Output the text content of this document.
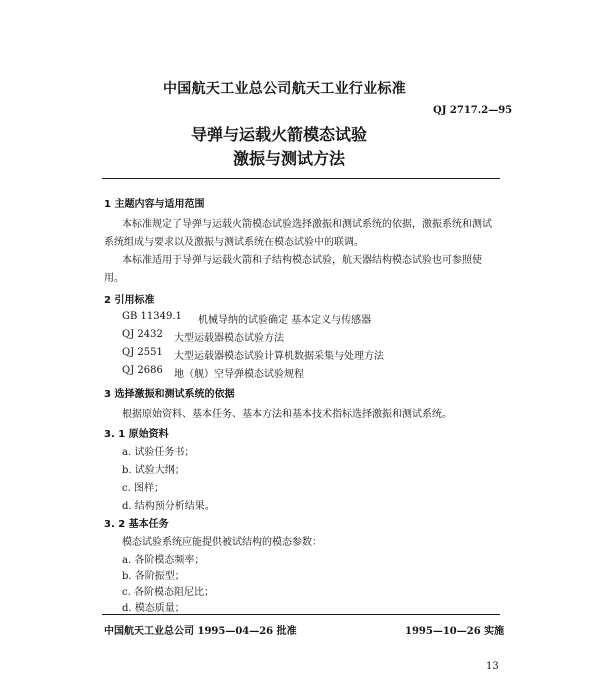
中国航天工业总公司航天工业行业标准
QJ 2717.2—95
导弹与运载火箭模态试验
激振与测试方法
1 主题内容与适用范围
本标准规定了导弹与运载火箭模态试验选择激振和测试系统的依据，激振系统和测试
系统组成与要求以及激振与测试系统在模态试验中的联调。
本标准适用于导弹与运载火箭和子结构模态试验，航天器结构模态试验也可参照使
用。
2 引用标准
GB 11349.1 机械导纳的试验确定 基本定义与传感器
QJ 2432 大型运载器模态试验方法
QJ 2551 大型运载器模态试验计算机数据采集与处理方法
QJ 2686 地（舰）空导弹模态试验规程
3 选择激振和测试系统的依据
根据原始资料、基本任务、基本方法和基本技术指标选择激振和测试系统。
3. 1 原始资料
a. 试验任务书；
b. 试验大纲；
c. 图样；
d. 结构预分析结果。
3. 2 基本任务
模态试验系统应能提供被试结构的模态参数：
a. 各阶模态频率；
b. 各阶振型；
c. 各阶模态阻尼比；
d. 模态质量；
中国航天工业总公司 1995—04—26 批准	1995—10—26 实施
13
